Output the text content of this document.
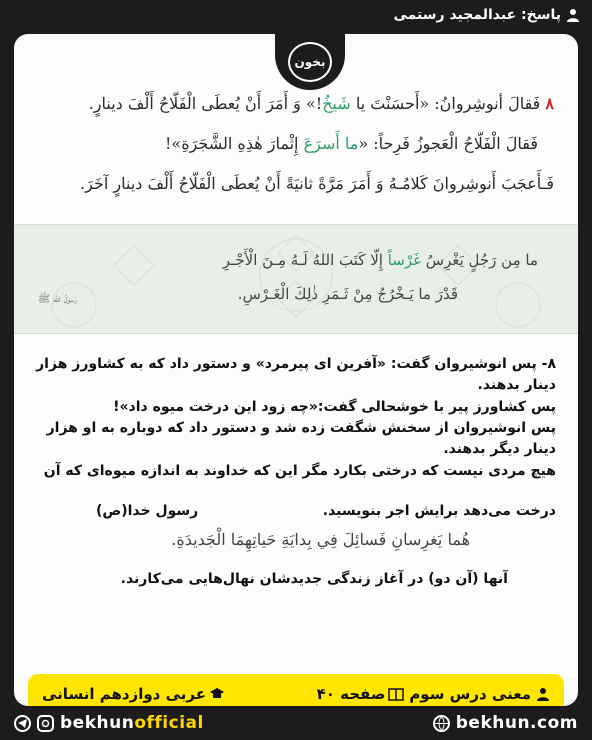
پاسخ: عبدالمجید رستمی
بخون
۸ فَقالَ أنوشِروانُ: «أَحسَنْتَ يا شَيخُ!» وَ أَمَرَ أَنْ يُعطَى الْفَلّاحُ أَلْفَ دينارٍ.
فَقالَ الْفَلّاحُ الْعَجوزُ فَرِحاً: «ما أَسرَعَ إِثْمارَ هٰذِهِ الشَّجَرَةِ»!
فَـأَعجَبَ أَنوشِروانَ كَلامُـهُ وَ أَمَرَ مَرَّةً ثانيَةً أَنْ يُعطَى الْفَلّاحُ أَلْفَ دينارٍ آخَرَ.
ما مِن رَجُلٍ يَغْرِسُ غَرْساً إِلّا كَتَبَ اللهُ لَـهُ مِـنَ الْأَجْـرِ
قَدْرَ ما يَـخْرُجُ مِنْ ثَـمَرِ ذٰلِكَ الْغَـرْسِ.
رَسولُ اللهِ ﷺ
۸- پس انوشیروان گفت: «آفرین ای پیرمرد» و دستور داد که به کشاورز هزار دینار بدهند.
پس کشاورز پیر با خوشحالی گفت:«چه زود این درخت میوه داد»!
پس انوشیروان از سخنش شگفت زده شد و دستور داد که دوباره به او هزار دینار دیگر بدهند.
هیچ مردی نیست که درختی بکارد مگر این که خداوند به اندازه میوه‌ای که آن
درخت می‌دهد برایش اجر بنویسید.
رسول خدا(ص)
هُما يَغرِسانِ فَسائِلَ فِي بِدايَةِ حَياتِهِمَا الْجَديدَةِ.
آنها (آن دو) در آغاز زندگی جدیدشان نهال‌هایی می‌کارند.
معنی درس سوم
صفحه ۴۰
عربی دوازدهم انسانی
bekhunofficial	bekhun.com
